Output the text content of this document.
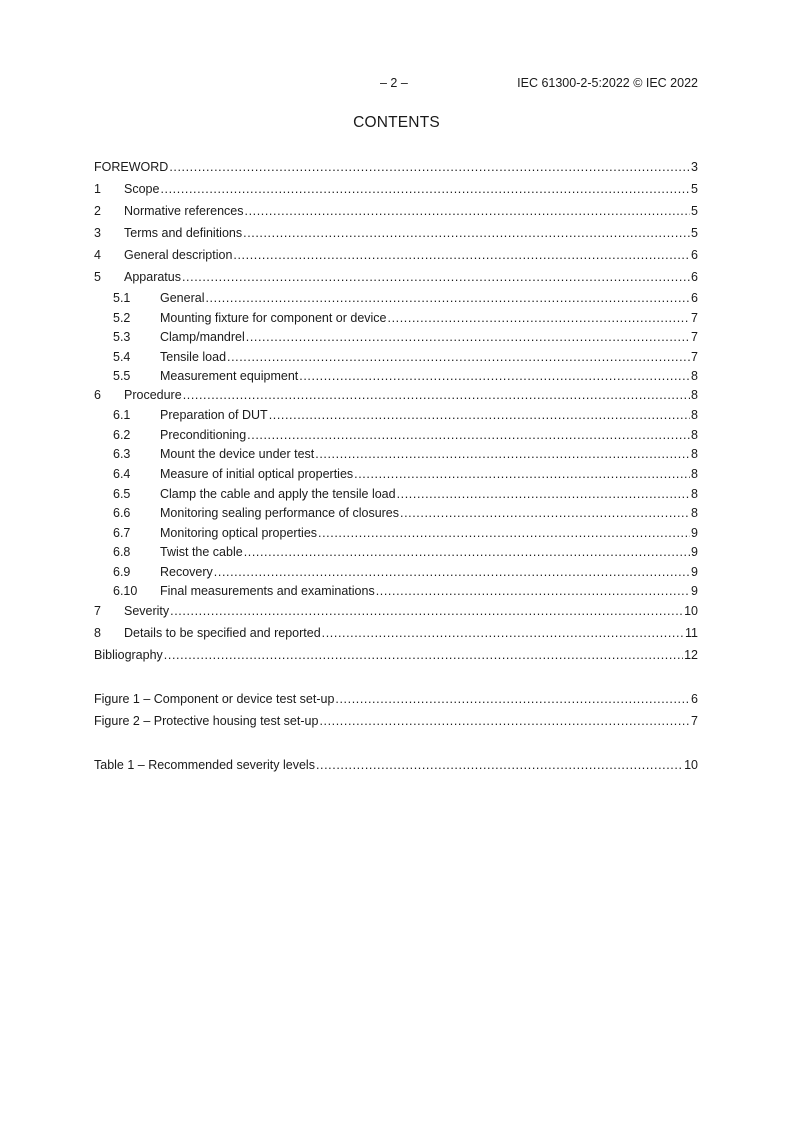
– 2 –	IEC 61300-2-5:2022 © IEC 2022
CONTENTS
FOREWORD .....	3
1	Scope .....	5
2	Normative references .....	5
3	Terms and definitions .....	5
4	General description .....	6
5	Apparatus .....	6
5.1	General .....	6
5.2	Mounting fixture for component or device .....	7
5.3	Clamp/mandrel .....	7
5.4	Tensile load .....	7
5.5	Measurement equipment .....	8
6	Procedure .....	8
6.1	Preparation of DUT .....	8
6.2	Preconditioning .....	8
6.3	Mount the device under test .....	8
6.4	Measure of initial optical properties .....	8
6.5	Clamp the cable and apply the tensile load .....	8
6.6	Monitoring sealing performance of closures .....	8
6.7	Monitoring optical properties .....	9
6.8	Twist the cable .....	9
6.9	Recovery .....	9
6.10	Final measurements and examinations .....	9
7	Severity .....	10
8	Details to be specified and reported .....	11
Bibliography .....	12
Figure 1 – Component or device test set-up .....	6
Figure 2 – Protective housing test set-up .....	7
Table 1 – Recommended severity levels .....	10
